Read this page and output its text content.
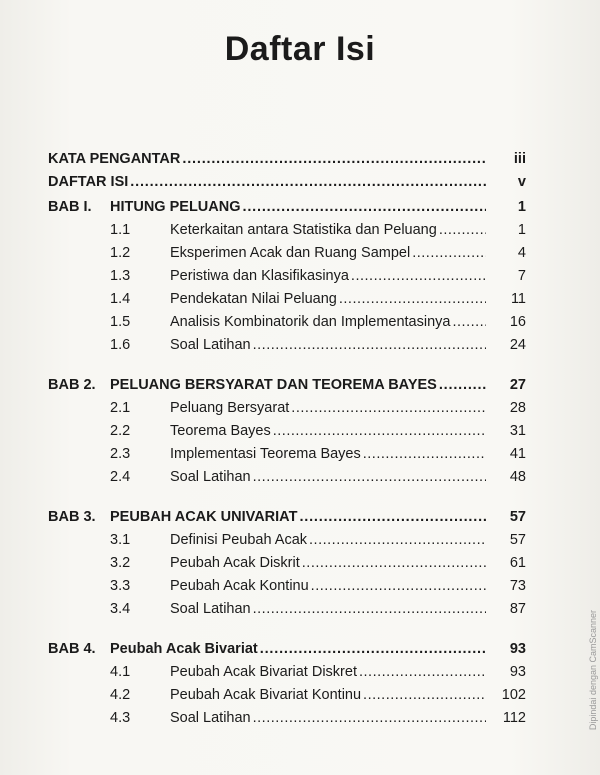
Daftar Isi
KATA PENGANTAR .....	iii
DAFTAR ISI .....	v
BAB I.	HITUNG PELUANG .....	1
1.1	Keterkaitan antara Statistika dan Peluang .....	1
1.2	Eksperimen Acak dan Ruang Sampel .....	4
1.3	Peristiwa dan Klasifikasinya .....	7
1.4	Pendekatan Nilai Peluang .....	11
1.5	Analisis Kombinatorik dan Implementasinya .....	16
1.6	Soal Latihan .....	24
BAB 2. PELUANG BERSYARAT DAN TEOREMA BAYES .....	27
2.1	Peluang Bersyarat .....	28
2.2	Teorema Bayes .....	31
2.3	Implementasi Teorema Bayes .....	41
2.4	Soal Latihan .....	48
BAB 3. PEUBAH ACAK UNIVARIAT .....	57
3.1	Definisi Peubah Acak .....	57
3.2	Peubah Acak Diskrit .....	61
3.3	Peubah Acak Kontinu .....	73
3.4	Soal Latihan .....	87
BAB 4. Peubah Acak Bivariat .....	93
4.1	Peubah Acak Bivariat Diskret .....	93
4.2	Peubah Acak Bivariat Kontinu .....	102
4.3	Soal Latihan .....	112	Dipindai dengan CamScanner
